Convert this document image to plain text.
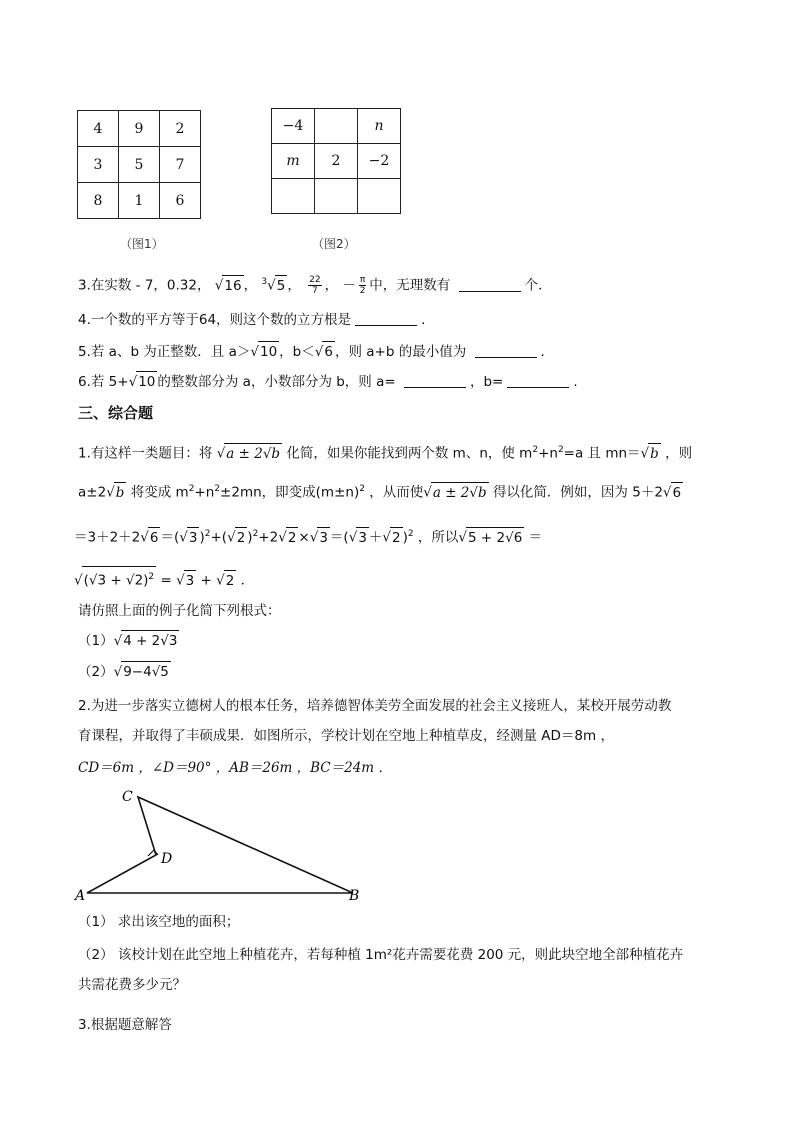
4	9	2
3	5	7
8	1	6
（图1）
−4		n
m	2	−2

（图2）
3.在实数 - 7，0.32， √16 ， $^3$√5 ， $\frac{22}{7}$ ， － $\frac{\pi}{2}$ 中，无理数有	个．
4.一个数的平方等于64，则这个数的立方根是	.
5.若 a、b 为正整数．且 a＞√10 ，b＜√6 ，则 a+b 的最小值为	．
6.若 5+√10 的整数部分为 a，小数部分为 b，则 a=	，b=	．
三、综合题
1.有这样一类题目：将 √a ± 2√b 化简，如果你能找到两个数 m、n，使 $m^2+n^2=a$ 且 mn＝√b ，则
a±2√b 将变成 $m^2+n^2\pm 2mn$，即变成$(m\pm n)^2$ ，从而使√a ± 2√b 得以化简．例如，因为 5＋2√6
＝3＋2＋2√6 ＝(√3 )$^2$+(√2 )$^2$+2√2 ×√3 ＝(√3 ＋√2 )$^2$ ，所以√5 + 2√6 ＝
$√(√3 + √2)^2 = √3 + √2$ ．
请仿照上面的例子化简下列根式：
（1）√4 + 2√3
（2）√9−4√5
2.为进一步落实立德树人的根本任务，培养德智体美劳全面发展的社会主义接班人，某校开展劳动教
育课程，并取得了丰硕成果．如图所示，学校计划在空地上种植草皮，经测量 AD＝8m ，
CD＝6m ，∠D＝90° ，AB＝26m ，BC＝24m ．
A	B
C
D
（1） 求出该空地的面积；
（2） 该校计划在此空地上种植花卉，若每种植 1m²花卉需要花费 200 元，则此块空地全部种植花卉
共需花费多少元？
3.根据题意解答
